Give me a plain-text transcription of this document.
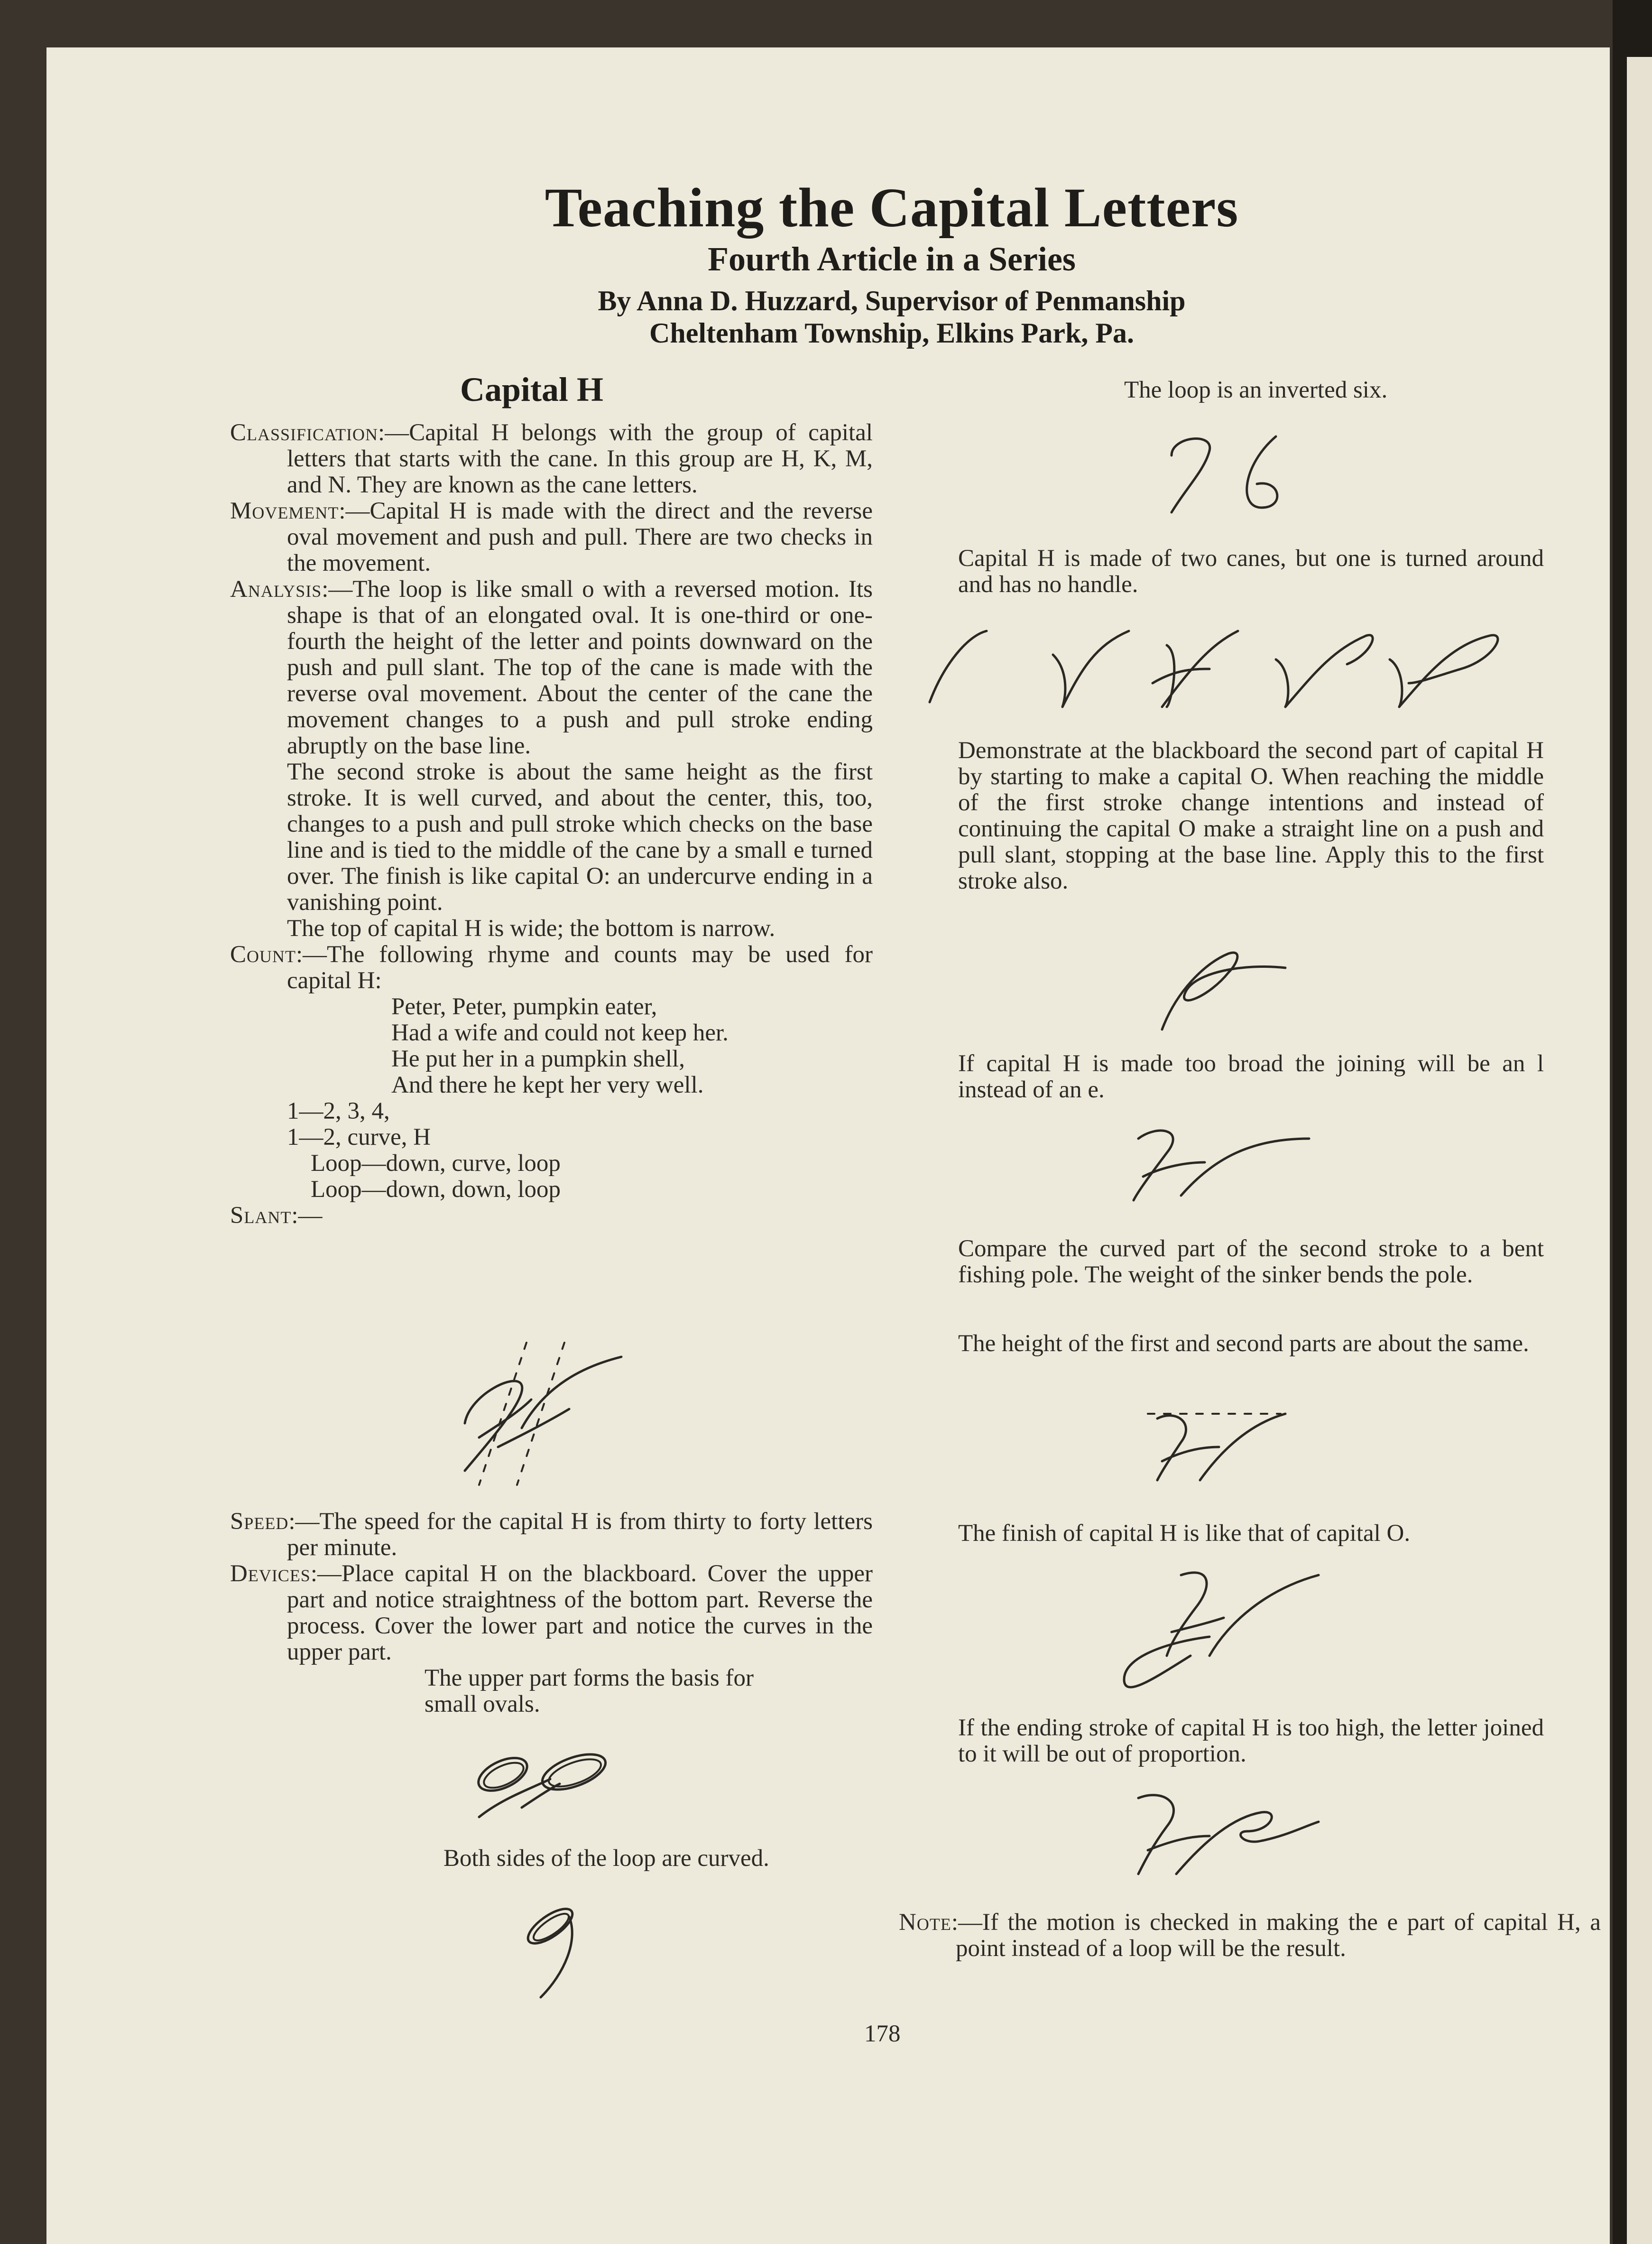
Teaching the Capital Letters
Fourth Article in a Series
By Anna D. Huzzard, Supervisor of Penmanship
Cheltenham Township, Elkins Park, Pa.
Capital H

Classification:—Capital H belongs with the group of capital letters that starts with the cane. In this group are H, K, M, and N. They are known as the cane letters.

Movement:—Capital H is made with the direct and the reverse oval movement and push and pull. There are two checks in the movement.

Analysis:—The loop is like small o with a reversed motion. Its shape is that of an elongated oval. It is one-third or one-fourth the height of the letter and points downward on the push and pull slant. The top of the cane is made with the reverse oval movement. About the center of the cane the movement changes to a push and pull stroke ending abruptly on the base line.

The second stroke is about the same height as the first stroke. It is well curved, and about the center, this, too, changes to a push and pull stroke which checks on the base line and is tied to the middle of the cane by a small e turned over. The finish is like capital O: an undercurve ending in a vanishing point.

The top of capital H is wide; the bottom is narrow.

Count:—The following rhyme and counts may be used for capital H:

Peter, Peter, pumpkin eater,
Had a wife and could not keep her.
He put her in a pumpkin shell,
And there he kept her very well.
1—2, 3, 4,
1—2, curve, H
Loop—down, curve, loop
Loop—down, down, loop
Slant:—

Speed:—The speed for the capital H is from thirty to forty letters per minute.

Devices:—Place capital H on the blackboard. Cover the upper part and notice straightness of the bottom part. Reverse the process. Cover the lower part and notice the curves in the upper part.

The upper part forms the basis for
small ovals.
Both sides of the loop are curved.
The loop is an inverted six.
Capital H is made of two canes, but one is turned around and has no handle.
Demonstrate at the blackboard the second part of capital H by starting to make a capital O. When reaching the middle of the first stroke change intentions and instead of continuing the capital O make a straight line on a push and pull slant, stopping at the base line. Apply this to the first stroke also.
If capital H is made too broad the joining will be an l instead of an e.
Compare the curved part of the second stroke to a bent fishing pole. The weight of the sinker bends the pole.
The height of the first and second parts are about the same.
The finish of capital H is like that of capital O.
If the ending stroke of capital H is too high, the letter joined to it will be out of proportion.
Note:—If the motion is checked in making the e part of capital H, a point instead of a loop will be the result.
178
